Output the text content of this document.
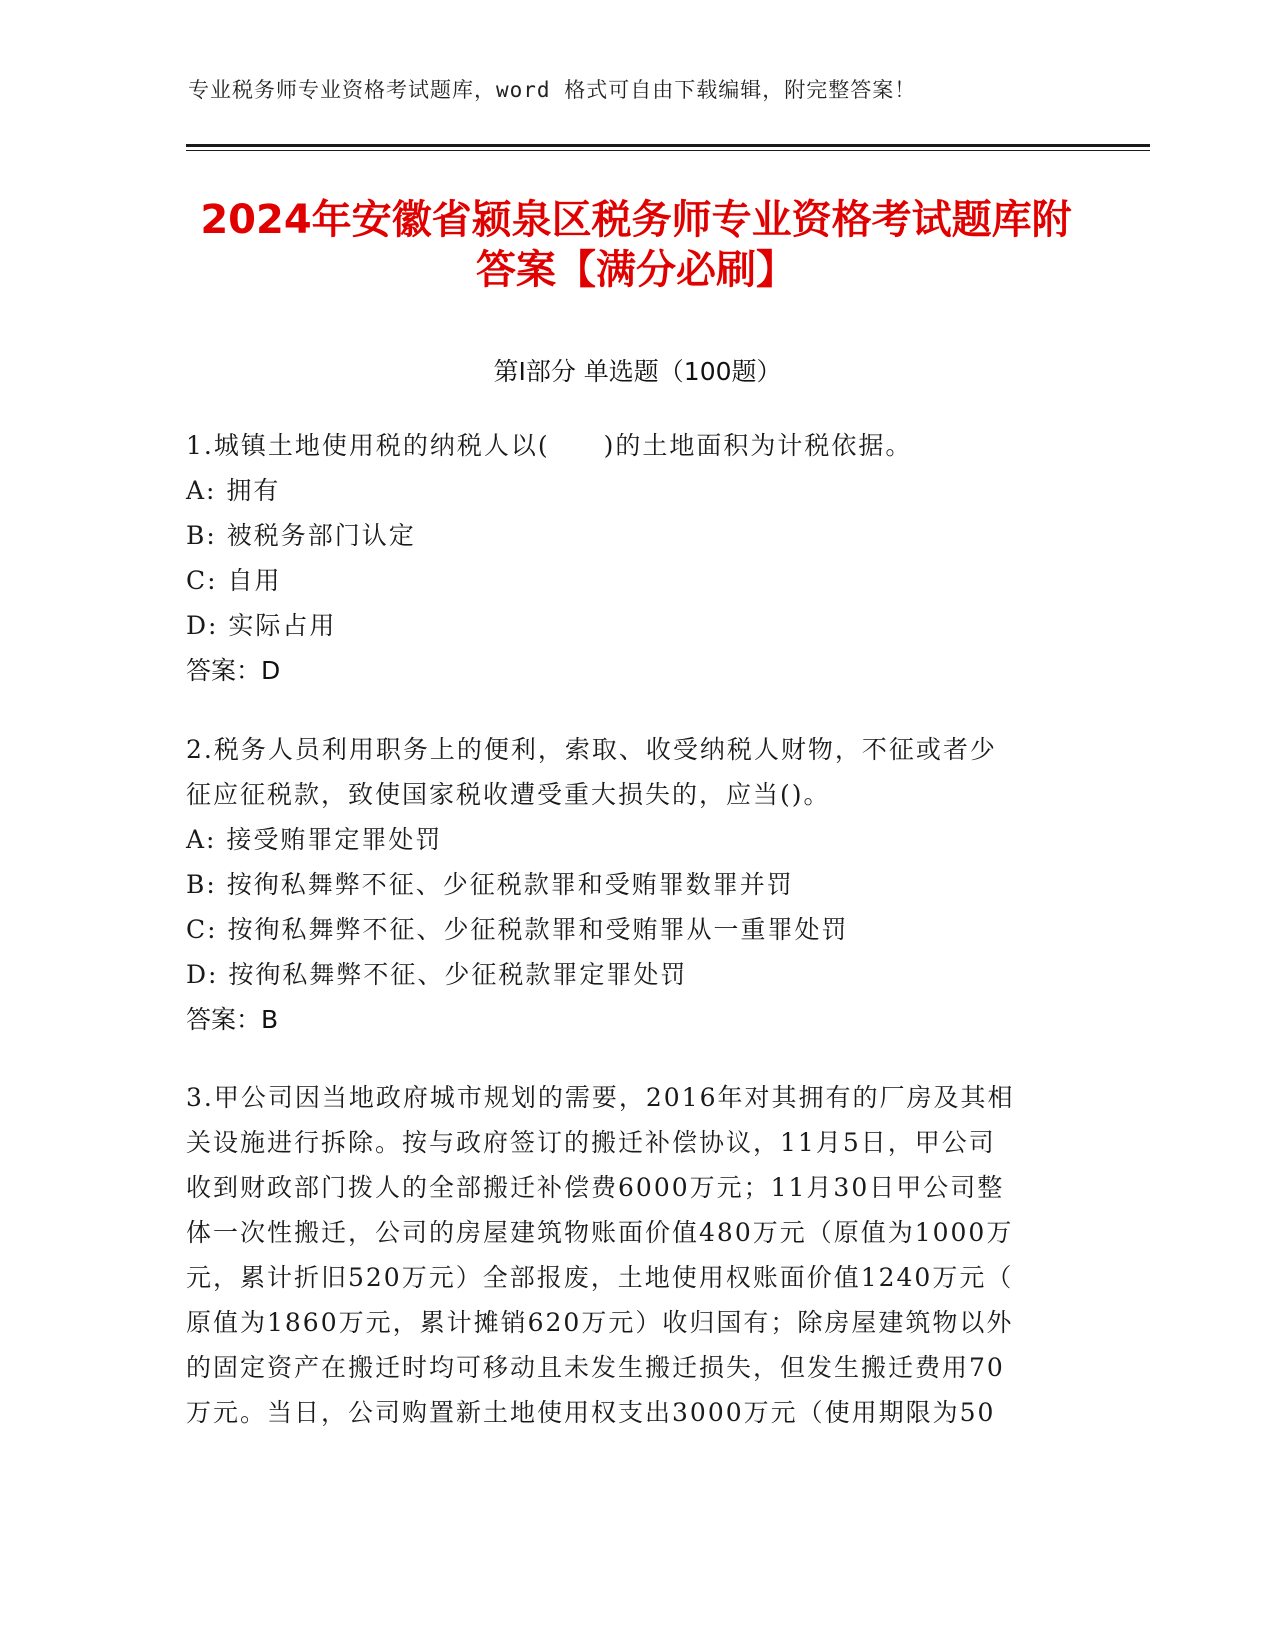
专业税务师专业资格考试题库，word 格式可自由下载编辑，附完整答案！
2024年安徽省颍泉区税务师专业资格考试题库附答案【满分必刷】
第Ⅰ部分 单选题（100题）
1.城镇土地使用税的纳税人以(　　)的土地面积为计税依据。
A: 拥有
B: 被税务部门认定
C: 自用
D: 实际占用
答案：D
2.税务人员利用职务上的便利，索取、收受纳税人财物，不征或者少
征应征税款，致使国家税收遭受重大损失的，应当()。
A: 接受贿罪定罪处罚
B: 按徇私舞弊不征、少征税款罪和受贿罪数罪并罚
C: 按徇私舞弊不征、少征税款罪和受贿罪从一重罪处罚
D: 按徇私舞弊不征、少征税款罪定罪处罚
答案：B
3.甲公司因当地政府城市规划的需要，2016年对其拥有的厂房及其相
关设施进行拆除。按与政府签订的搬迁补偿协议，11月5日，甲公司
收到财政部门拨人的全部搬迁补偿费6000万元；11月30日甲公司整
体一次性搬迁，公司的房屋建筑物账面价值480万元（原值为1000万
元，累计折旧520万元）全部报废，土地使用权账面价值1240万元（
原值为1860万元，累计摊销620万元）收归国有；除房屋建筑物以外
的固定资产在搬迁时均可移动且未发生搬迁损失，但发生搬迁费用70
万元。当日，公司购置新土地使用权支出3000万元（使用期限为50
